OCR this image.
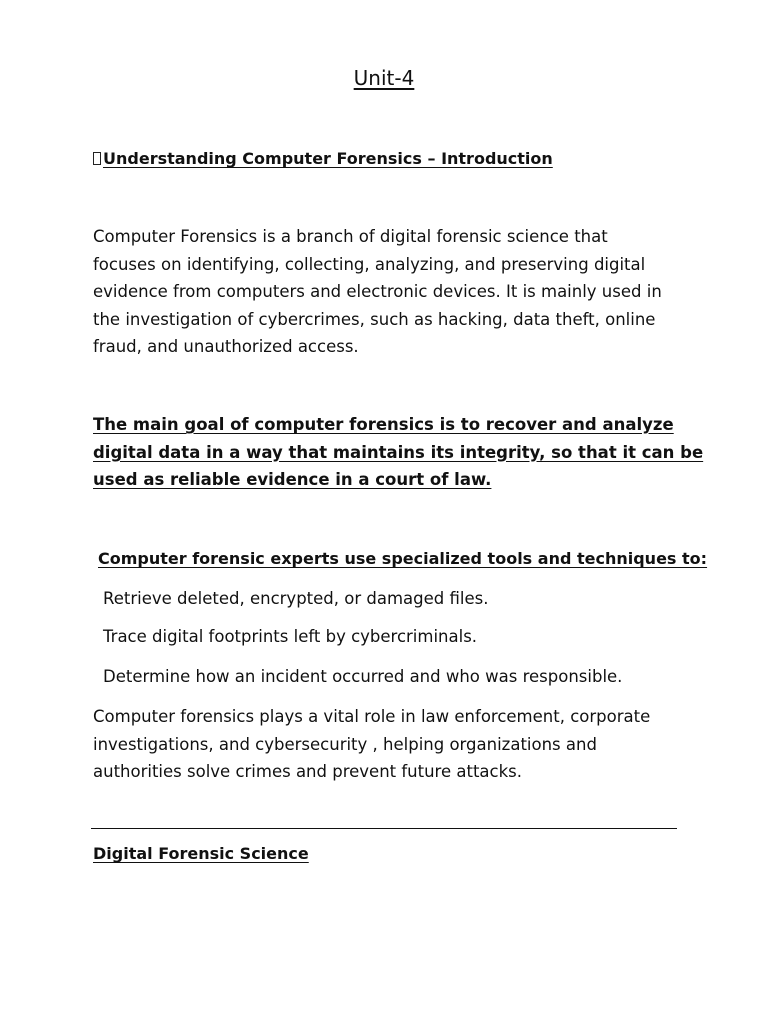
Unit-4
Understanding Computer Forensics – Introduction
Computer Forensics is a branch of digital forensic science that
focuses on identifying, collecting, analyzing, and preserving digital
evidence from computers and electronic devices. It is mainly used in
the investigation of cybercrimes, such as hacking, data theft, online
fraud, and unauthorized access.
The main goal of computer forensics is to recover and analyze
digital data in a way that maintains its integrity, so that it can be
used as reliable evidence in a court of law.
Computer forensic experts use specialized tools and techniques to:
Retrieve deleted, encrypted, or damaged files.
Trace digital footprints left by cybercriminals.
Determine how an incident occurred and who was responsible.
Computer forensics plays a vital role in law enforcement, corporate
investigations, and cybersecurity , helping organizations and
authorities solve crimes and prevent future attacks.
Digital Forensic Science
